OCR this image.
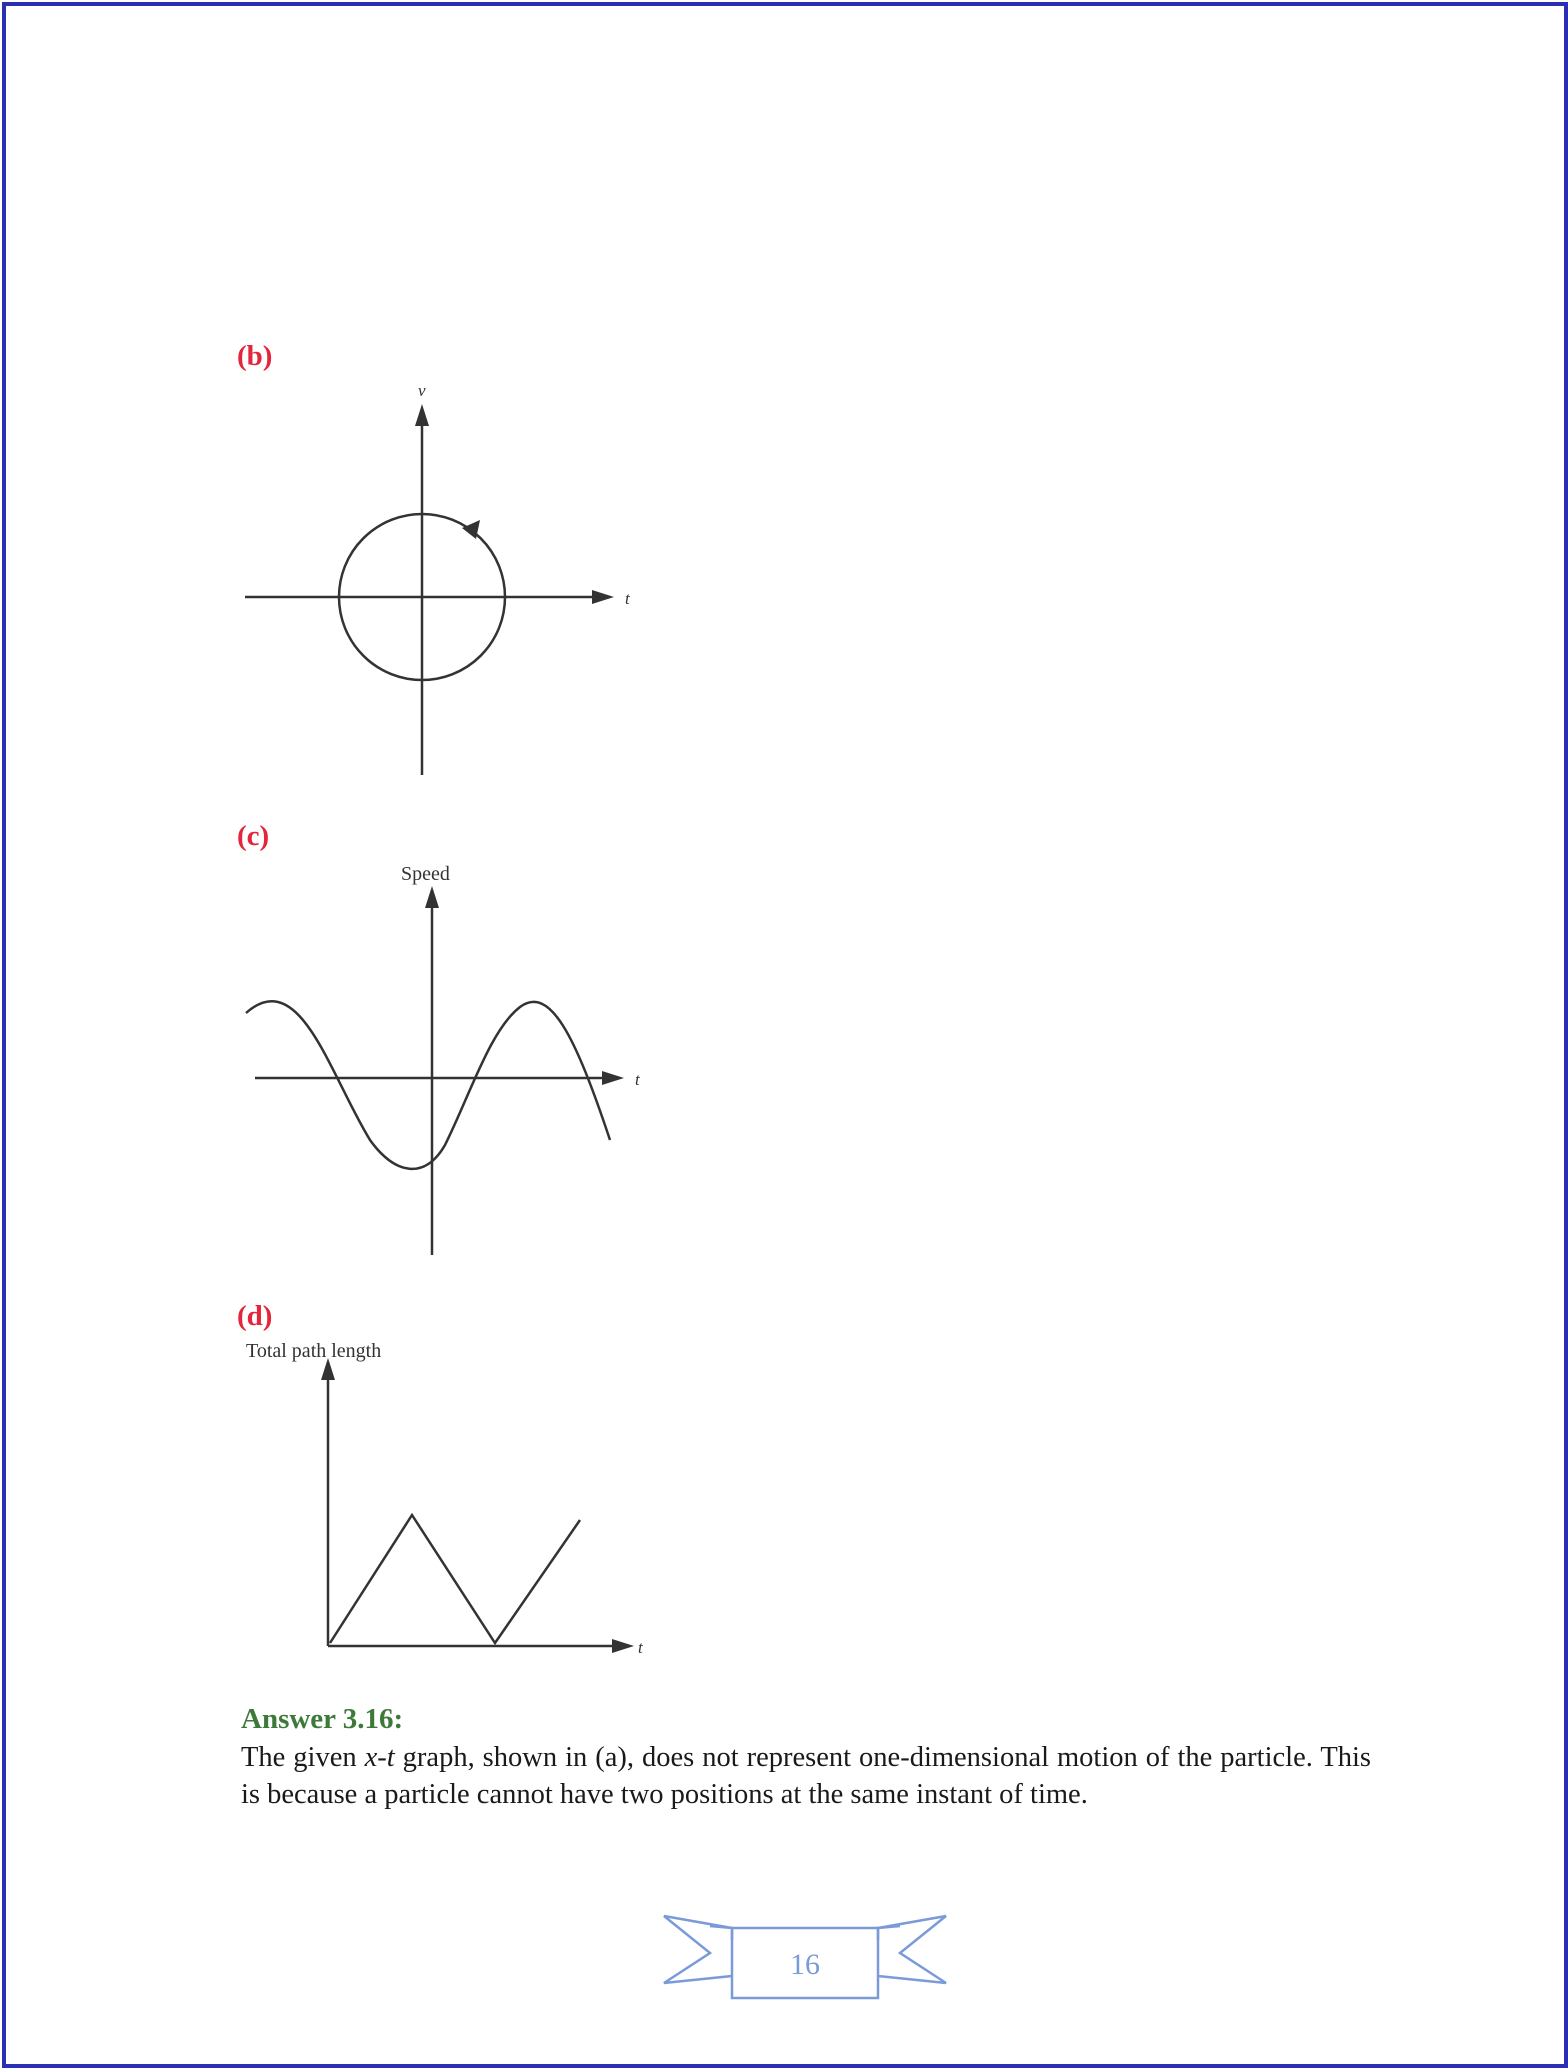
(b)
v
t
(c)
Speed
t
(d)
Total path length
t
Answer 3.16:
The given x-t graph, shown in (a), does not represent one-dimensional motion of the particle. This is because a particle cannot have two positions at the same instant of time.
16
